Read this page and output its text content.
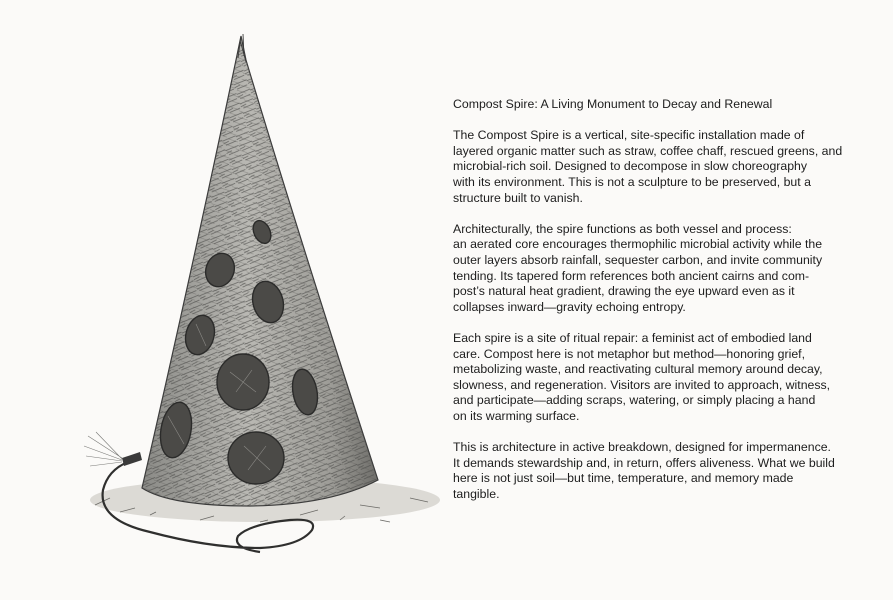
Compost Spire: A Living Monument to Decay and Renewal

The Compost Spire is a vertical, site-specific installation made of
layered organic matter such as straw, coffee chaff, rescued greens, and
microbial-rich soil. Designed to decompose in slow choreography
with its environment. This is not a sculpture to be preserved, but a
structure built to vanish.

Architecturally, the spire functions as both vessel and process:
an aerated core encourages thermophilic microbial activity while the
outer layers absorb rainfall, sequester carbon, and invite community
tending. Its tapered form references both ancient cairns and com-
post’s natural heat gradient, drawing the eye upward even as it
collapses inward—gravity echoing entropy.

Each spire is a site of ritual repair: a feminist act of embodied land
care. Compost here is not metaphor but method—honoring grief,
metabolizing waste, and reactivating cultural memory around decay,
slowness, and regeneration. Visitors are invited to approach, witness,
and participate—adding scraps, watering, or simply placing a hand
on its warming surface.

This is architecture in active breakdown, designed for impermanence.
It demands stewardship and, in return, offers aliveness. What we build
here is not just soil—but time, temperature, and memory made
tangible.
